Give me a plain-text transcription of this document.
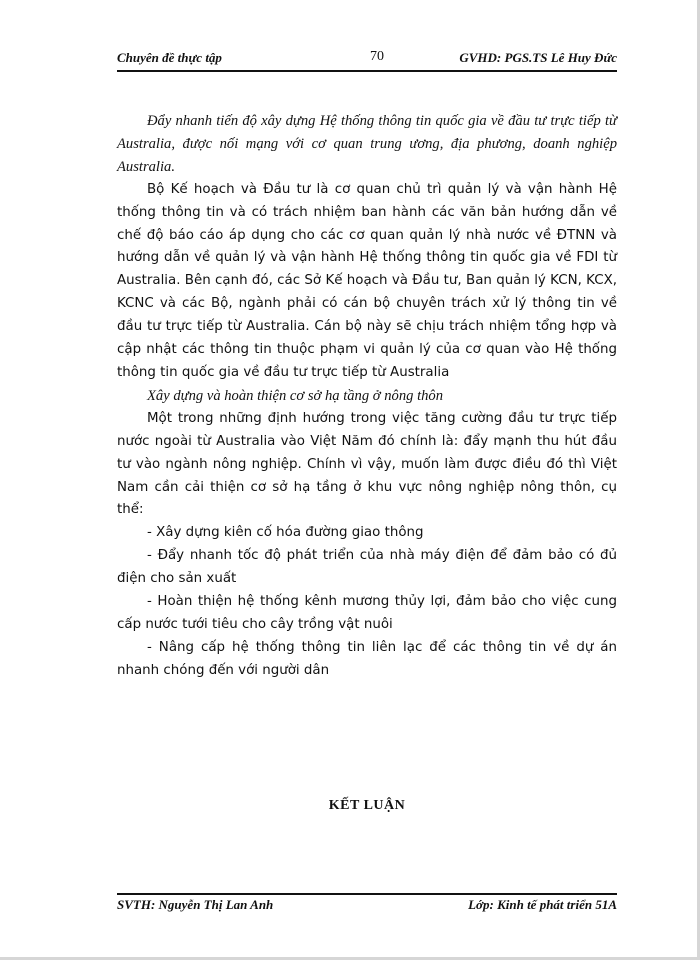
Chuyên đề thực tập	70	GVHD: PGS.TS Lê Huy Đức

Đẩy nhanh tiến độ xây dựng Hệ thống thông tin quốc gia về đầu tư trực tiếp từ Australia, được nối mạng với cơ quan trung ương, địa phương, doanh nghiệp Australia.

Bộ Kế hoạch và Đầu tư là cơ quan chủ trì quản lý và vận hành Hệ thống thông tin và có trách nhiệm ban hành các văn bản hướng dẫn về chế độ báo cáo áp dụng cho các cơ quan quản lý nhà nước về ĐTNN và hướng dẫn về quản lý và vận hành Hệ thống thông tin quốc gia về FDI từ Australia. Bên cạnh đó, các Sở Kế hoạch và Đầu tư, Ban quản lý KCN, KCX, KCNC và các Bộ, ngành phải có cán bộ chuyên trách xử lý thông tin về đầu tư trực tiếp từ Australia. Cán bộ này sẽ chịu trách nhiệm tổng hợp và cập nhật các thông tin thuộc phạm vi quản lý của cơ quan vào Hệ thống thông tin quốc gia về đầu tư trực tiếp từ Australia

Xây dựng và hoàn thiện cơ sở hạ tầng ở nông thôn

Một trong những định hướng trong việc tăng cường đầu tư trực tiếp nước ngoài từ Australia vào Việt Năm đó chính là: đẩy mạnh thu hút đầu tư vào ngành nông nghiệp. Chính vì vậy, muốn làm được điều đó thì Việt Nam cần cải thiện cơ sở hạ tầng ở khu vực nông nghiệp nông thôn, cụ thể:

- Xây dựng kiên cố hóa đường giao thông

- Đẩy nhanh tốc độ phát triển của nhà máy điện để đảm bảo có đủ điện cho sản xuất

- Hoàn thiện hệ thống kênh mương thủy lợi, đảm bảo cho việc cung cấp nước tưới tiêu cho cây trồng vật nuôi

- Nâng cấp hệ thống thông tin liên lạc để các thông tin về dự án nhanh chóng đến với người dân

KẾT LUẬN
SVTH: Nguyễn Thị Lan Anh	Lớp: Kinh tế phát triển 51A
